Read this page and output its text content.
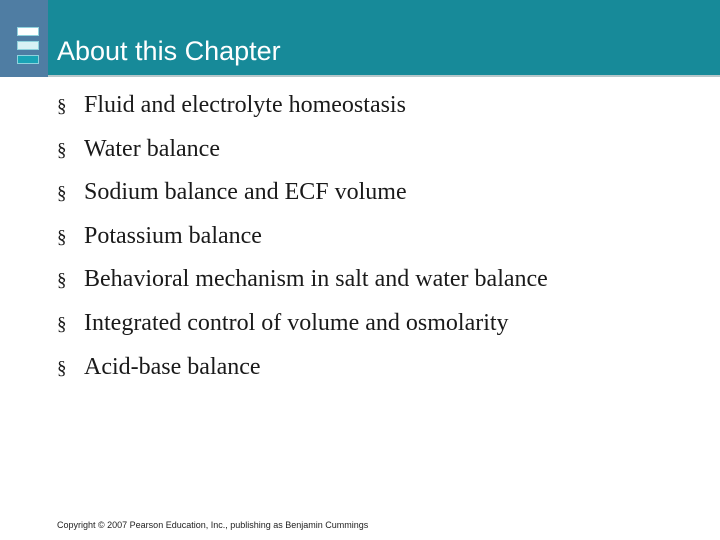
About this Chapter
§ Fluid and electrolyte homeostasis
§ Water balance
§ Sodium balance and ECF volume
§ Potassium balance
§ Behavioral mechanism in salt and water balance
§ Integrated control of volume and osmolarity
§ Acid-base balance
Copyright © 2007 Pearson Education, Inc., publishing as Benjamin Cummings
